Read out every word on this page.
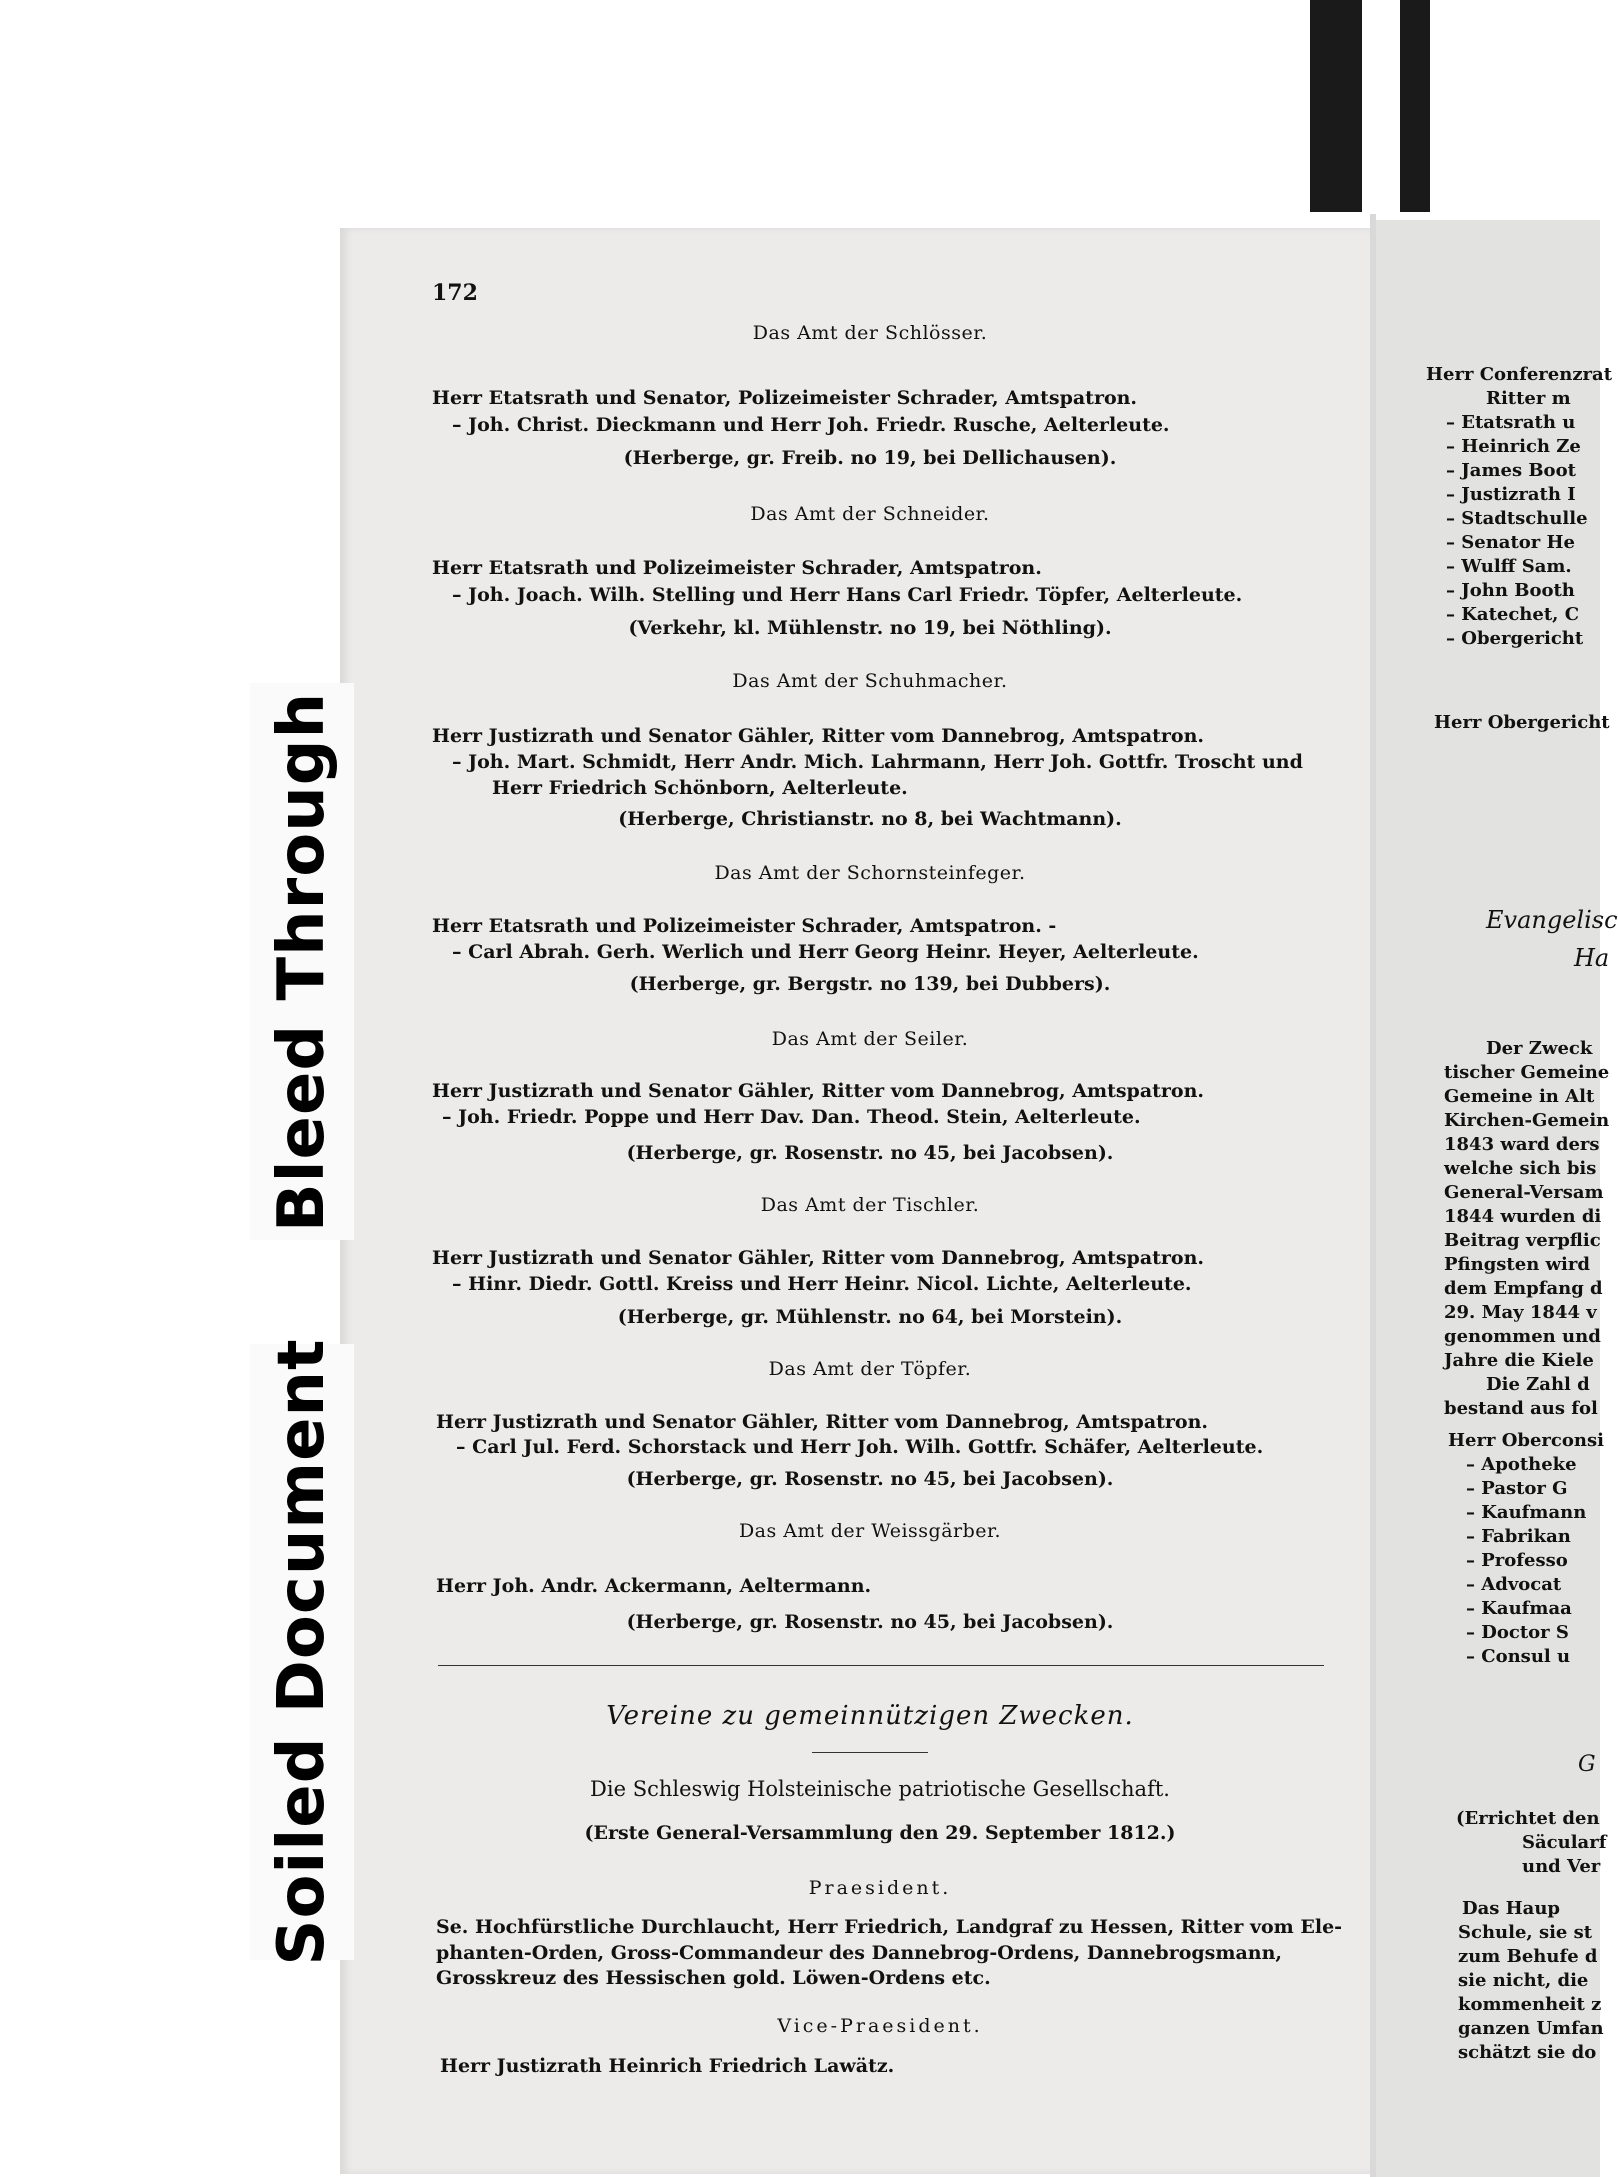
172
Das Amt der Schlösser.
Herr Etatsrath und Senator, Polizeimeister Schrader, Amtspatron.
– Joh. Christ. Dieckmann und Herr Joh. Friedr. Rusche, Aelterleute.
(Herberge, gr. Freib. no 19, bei Dellichausen).
Das Amt der Schneider.
Herr Etatsrath und Polizeimeister Schrader, Amtspatron.
– Joh. Joach. Wilh. Stelling und Herr Hans Carl Friedr. Töpfer, Aelterleute.
(Verkehr, kl. Mühlenstr. no 19, bei Nöthling).
Das Amt der Schuhmacher.
Herr Justizrath und Senator Gähler, Ritter vom Dannebrog, Amtspatron.
– Joh. Mart. Schmidt, Herr Andr. Mich. Lahrmann, Herr Joh. Gottfr. Troscht und
Herr Friedrich Schönborn, Aelterleute.
(Herberge, Christianstr. no 8, bei Wachtmann).
Das Amt der Schornsteinfeger.
Herr Etatsrath und Polizeimeister Schrader, Amtspatron. -
– Carl Abrah. Gerh. Werlich und Herr Georg Heinr. Heyer, Aelterleute.
(Herberge, gr. Bergstr. no 139, bei Dubbers).
Das Amt der Seiler.
Herr Justizrath und Senator Gähler, Ritter vom Dannebrog, Amtspatron.
– Joh. Friedr. Poppe und Herr Dav. Dan. Theod. Stein, Aelterleute.
(Herberge, gr. Rosenstr. no 45, bei Jacobsen).
Das Amt der Tischler.
Herr Justizrath und Senator Gähler, Ritter vom Dannebrog, Amtspatron.
– Hinr. Diedr. Gottl. Kreiss und Herr Heinr. Nicol. Lichte, Aelterleute.
(Herberge, gr. Mühlenstr. no 64, bei Morstein).
Das Amt der Töpfer.
Herr Justizrath und Senator Gähler, Ritter vom Dannebrog, Amtspatron.
– Carl Jul. Ferd. Schorstack und Herr Joh. Wilh. Gottfr. Schäfer, Aelterleute.
(Herberge, gr. Rosenstr. no 45, bei Jacobsen).
Das Amt der Weissgärber.
Herr Joh. Andr. Ackermann, Aeltermann.
(Herberge, gr. Rosenstr. no 45, bei Jacobsen).
Vereine zu gemeinnützigen Zwecken.
Die Schleswig Holsteinische patriotische Gesellschaft.
(Erste General-Versammlung den 29. September 1812.)
Praesident.
Se. Hochfürstliche Durchlaucht, Herr Friedrich, Landgraf zu Hessen, Ritter vom Ele-
phanten-Orden, Gross-Commandeur des Dannebrog-Ordens, Dannebrogsmann,
Grosskreuz des Hessischen gold. Löwen-Ordens etc.
Vice-Praesident.
Herr Justizrath Heinrich Friedrich Lawätz.
Herr Conferenzrat
Ritter m
– Etatsrath u
– Heinrich Ze
– James Boot
– Justizrath I
– Stadtschulle
– Senator He
– Wulff Sam.
– John Booth
– Katechet, C
– Obergericht
Herr Obergericht
Evangelisc
Ha
Der Zweck
tischer Gemeine
Gemeine in Alt
Kirchen-Gemein
1843 ward ders
welche sich bis
General-Versam
1844 wurden di
Beitrag verpflic
Pfingsten wird
dem Empfang d
29. May 1844 v
genommen und
Jahre die Kiele
Die Zahl d
bestand aus fol
Herr Oberconsi
– Apotheke
– Pastor G
– Kaufmann
– Fabrikan
– Professo
– Advocat
– Kaufmaa
– Doctor S
– Consul u
G
(Errichtet den
Säcularf
und Ver
Das Haup
Schule, sie st
zum Behufe d
sie nicht, die
kommenheit z
ganzen Umfan
schätzt sie do
Bleed Through
Soiled Document
